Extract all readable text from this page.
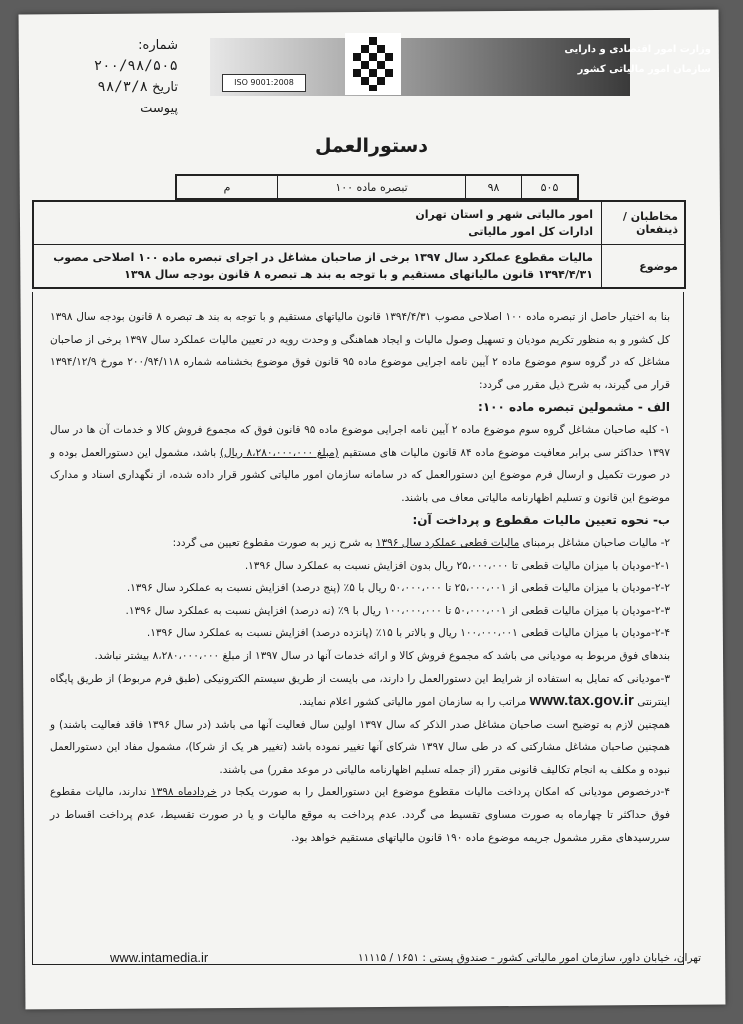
شماره: ۲۰۰/۹۸/۵۰۵
تاریخ ۹۸/۳/۸
پیوست
ISO 9001:2008
وزارت امور اقتصادی و دارایی
سازمان امور مالیاتی کشور
دستورالعمل
۵۰۵
۹۸
تبصره ماده ۱۰۰
م
مخاطبان / ذینفعان
امور مالیاتی شهر و استان تهران
ادارات کل امور مالیاتی
موضوع
مالیات مقطوع عملکرد سال ۱۳۹۷ برخی از صاحبان مشاغل در اجرای تبصره ماده ۱۰۰ اصلاحی مصوب ۱۳۹۴/۴/۳۱ قانون مالیاتهای مستقیم و با توجه به بند هـ تبصره ۸ قانون بودجه سال ۱۳۹۸

بنا به اختیار حاصل از تبصره ماده ۱۰۰ اصلاحی مصوب ۱۳۹۴/۴/۳۱ قانون مالیاتهای مستقیم و با توجه به بند هـ تبصره ۸ قانون بودجه سال ۱۳۹۸ کل کشور و به منظور تکریم مودیان و تسهیل وصول مالیات و ایجاد هماهنگی و وحدت رویه در تعیین مالیات عملکرد سال ۱۳۹۷ برخی از صاحبان مشاغل که در گروه سوم موضوع ماده ۲ آیین نامه اجرایی موضوع ماده ۹۵ قانون فوق موضوع بخشنامه شماره ۲۰۰/۹۴/۱۱۸ مورخ ۱۳۹۴/۱۲/۹ قرار می گیرند، به شرح ذیل مقرر می گردد:

الف - مشمولین تبصره ماده ۱۰۰:

۱- کلیه صاحبان مشاغل گروه سوم موضوع ماده ۲ آیین نامه اجرایی موضوع ماده ۹۵ قانون فوق که مجموع فروش کالا و خدمات آن ها در سال ۱۳۹۷ حداکثر سی برابر معافیت موضوع ماده ۸۴ قانون مالیات های مستقیم (مبلغ ۸،۲۸۰،۰۰۰،۰۰۰ ریال) باشد، مشمول این دستورالعمل بوده و در صورت تکمیل و ارسال فرم موضوع این دستورالعمل که در سامانه سازمان امور مالیاتی کشور قرار داده شده، از نگهداری اسناد و مدارک موضوع این قانون و تسلیم اظهارنامه مالیاتی معاف می باشند.

ب- نحوه تعیین مالیات مقطوع و پرداخت آن:

۲- مالیات صاحبان مشاغل برمبنای مالیات قطعی عملکرد سال ۱۳۹۶ به شرح زیر به صورت مقطوع تعیین می گردد:

۲-۱-مودیان با میزان مالیات قطعی تا ۲۵،۰۰۰،۰۰۰ ریال بدون افزایش نسبت به عملکرد سال ۱۳۹۶.

۲-۲-مودیان با میزان مالیات قطعی از ۲۵،۰۰۰،۰۰۱ تا ۵۰،۰۰۰،۰۰۰ ریال با ۵٪ (پنج درصد) افزایش نسبت به عملکرد سال ۱۳۹۶.

۲-۳-مودیان با میزان مالیات قطعی از ۵۰،۰۰۰،۰۰۱ تا ۱۰۰،۰۰۰،۰۰۰ ریال با ۹٪ (نه درصد) افزایش نسبت به عملکرد سال ۱۳۹۶.

۲-۴-مودیان با میزان مالیات قطعی ۱۰۰،۰۰۰،۰۰۱ ریال و بالاتر با ۱۵٪ (پانزده درصد) افزایش نسبت به عملکرد سال ۱۳۹۶.

بندهای فوق مربوط به مودیانی می باشد که مجموع فروش کالا و ارائه خدمات آنها در سال ۱۳۹۷ از مبلغ ۸،۲۸۰،۰۰۰،۰۰۰ بیشتر نباشد.

۳-مودیانی که تمایل به استفاده از شرایط این دستورالعمل را دارند، می بایست از طریق سیستم الکترونیکی (طبق فرم مربوط) از طریق پایگاه اینترنتی www.tax.gov.ir مراتب را به سازمان امور مالیاتی کشور اعلام نمایند.

همچنین لازم به توضیح است صاحبان مشاغل صدر الذکر که سال ۱۳۹۷ اولین سال فعالیت آنها می باشد (در سال ۱۳۹۶ فاقد فعالیت باشند) و همچنین صاحبان مشاغل مشارکتی که در طی سال ۱۳۹۷ شرکای آنها تغییر نموده باشد (تغییر هر یک از شرکا)، مشمول مفاد این دستورالعمل نبوده و مکلف به انجام تکالیف قانونی مقرر (از جمله تسلیم اظهارنامه مالیاتی در موعد مقرر) می باشند.

۴-درخصوص مودیانی که امکان پرداخت مالیات مقطوع موضوع این دستورالعمل را به صورت یکجا در خردادماه ۱۳۹۸ ندارند، مالیات مقطوع فوق حداکثر تا چهارماه به صورت مساوی تقسیط می گردد. عدم پرداخت به موقع مالیات و یا در صورت تقسیط، عدم پرداخت اقساط در سررسیدهای مقرر مشمول جریمه موضوع ماده ۱۹۰ قانون مالیاتهای مستقیم خواهد بود.

www.intamedia.ir	تهران، خیابان داور، سازمان امور مالیاتی کشور - صندوق پستی : ۱۶۵۱ / ۱۱۱۱۵
